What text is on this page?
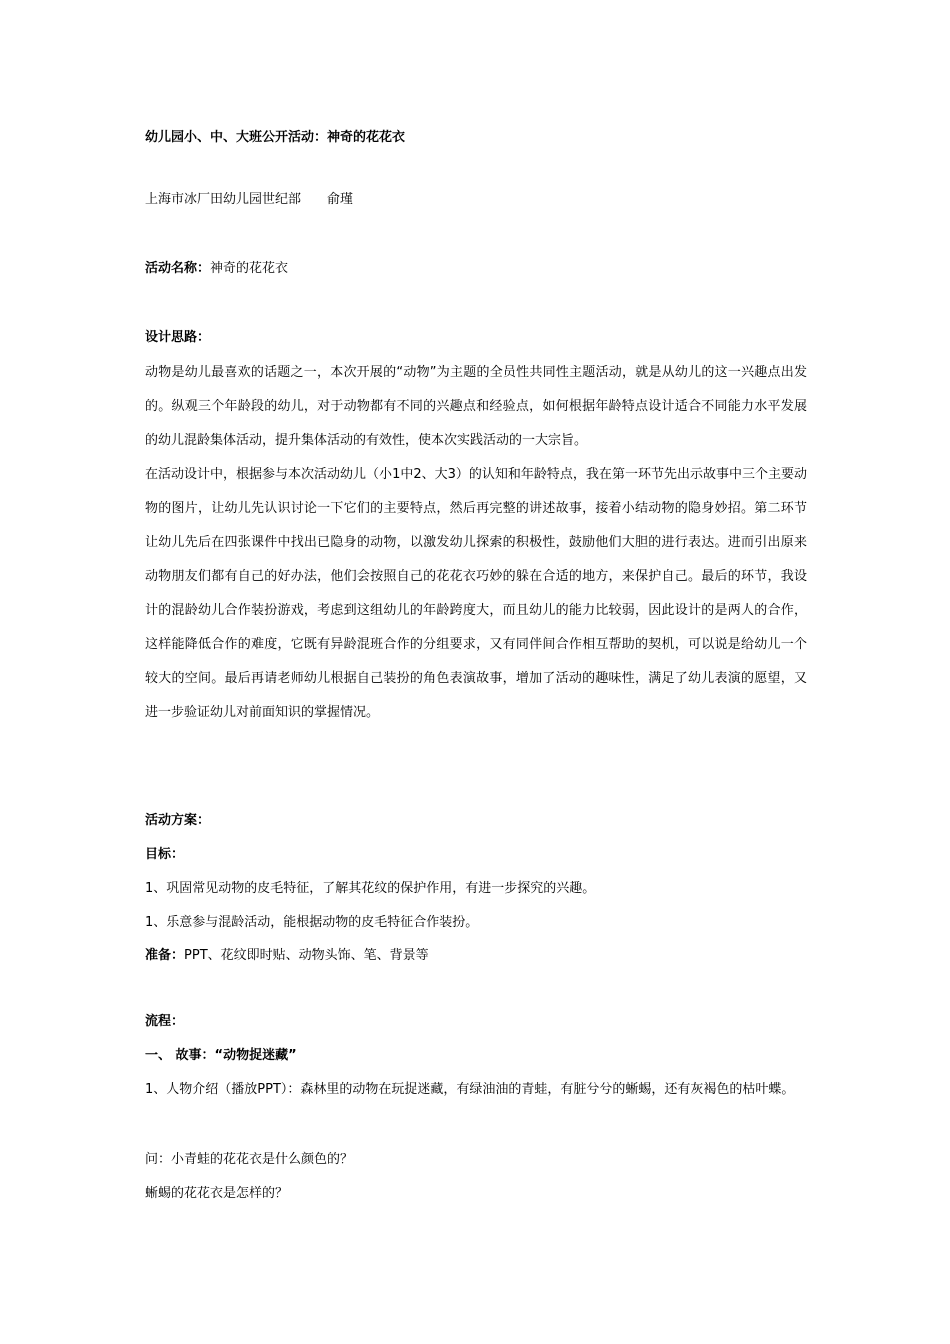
幼儿园小、中、大班公开活动：神奇的花花衣
上海市冰厂田幼儿园世纪部 俞瑾
活动名称：神奇的花花衣
设计思路：

动物是幼儿最喜欢的话题之一，本次开展的“动物”为主题的全员性共同性主题活动，就是从幼儿的这一兴趣点出发的。纵观三个年龄段的幼儿，对于动物都有不同的兴趣点和经验点，如何根据年龄特点设计适合不同能力水平发展的幼儿混龄集体活动，提升集体活动的有效性，使本次实践活动的一大宗旨。

在活动设计中，根据参与本次活动幼儿（小1中2、大3）的认知和年龄特点，我在第一环节先出示故事中三个主要动物的图片，让幼儿先认识讨论一下它们的主要特点，然后再完整的讲述故事，接着小结动物的隐身妙招。第二环节让幼儿先后在四张课件中找出已隐身的动物，以激发幼儿探索的积极性，鼓励他们大胆的进行表达。进而引出原来动物朋友们都有自己的好办法，他们会按照自己的花花衣巧妙的躲在合适的地方，来保护自己。最后的环节，我设计的混龄幼儿合作装扮游戏，考虑到这组幼儿的年龄跨度大，而且幼儿的能力比较弱，因此设计的是两人的合作，这样能降低合作的难度，它既有异龄混班合作的分组要求，又有同伴间合作相互帮助的契机，可以说是给幼儿一个较大的空间。最后再请老师幼儿根据自己装扮的角色表演故事，增加了活动的趣味性，满足了幼儿表演的愿望，又进一步验证幼儿对前面知识的掌握情况。

活动方案：
目标：
1、巩固常见动物的皮毛特征，了解其花纹的保护作用，有进一步探究的兴趣。
1、乐意参与混龄活动，能根据动物的皮毛特征合作装扮。
准备：PPT、花纹即时贴、动物头饰、笔、背景等
流程：
一、 故事：“动物捉迷藏”

1、人物介绍（播放PPT）：森林里的动物在玩捉迷藏，有绿油油的青蛙，有脏兮兮的蜥蜴，还有灰褐色的枯叶蝶。

问：小青蛙的花花衣是什么颜色的？
蜥蜴的花花衣是怎样的？
